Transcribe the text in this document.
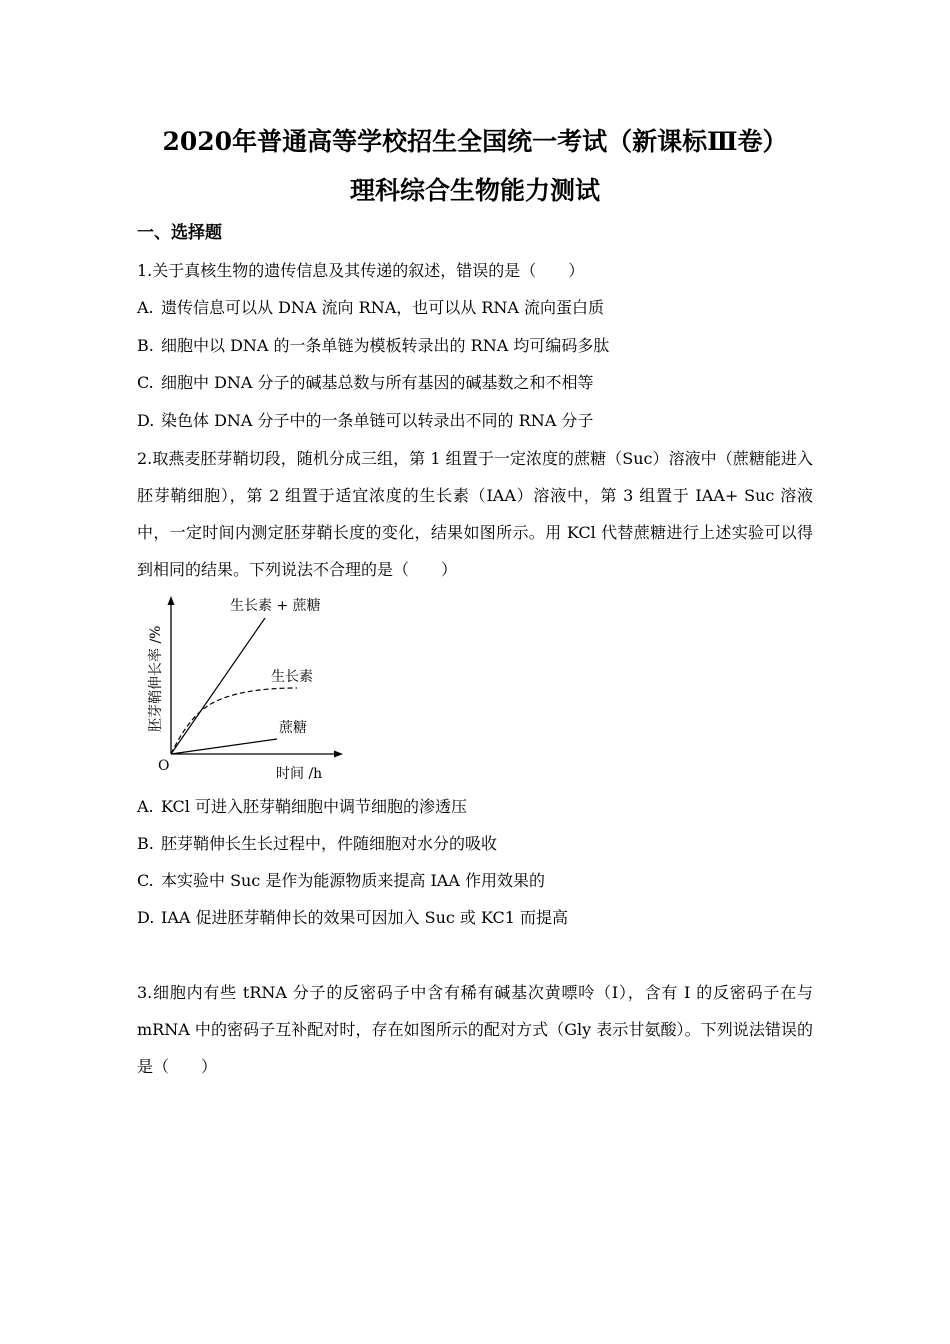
2020年普通高等学校招生全国统一考试（新课标Ⅲ卷）
理科综合生物能力测试
一、选择题
1.关于真核生物的遗传信息及其传递的叙述，错误的是（　　）
A. 遗传信息可以从 DNA 流向 RNA，也可以从 RNA 流向蛋白质
B. 细胞中以 DNA 的一条单链为模板转录出的 RNA 均可编码多肽
C. 细胞中 DNA 分子的碱基总数与所有基因的碱基数之和不相等
D. 染色体 DNA 分子中的一条单链可以转录出不同的 RNA 分子
2.取燕麦胚芽鞘切段，随机分成三组，第 1 组置于一定浓度的蔗糖（Suc）溶液中（蔗糖能进入胚芽鞘细胞），第 2 组置于适宜浓度的生长素（IAA）溶液中，第 3 组置于 IAA+ Suc 溶液中，一定时间内测定胚芽鞘长度的变化，结果如图所示。用 KCl 代替蔗糖进行上述实验可以得到相同的结果。下列说法不合理的是（　　）
生长素 + 蔗糖
生长素
蔗糖
O	时间 /h
胚芽鞘伸长率 /%
A. KCl 可进入胚芽鞘细胞中调节细胞的渗透压
B. 胚芽鞘伸长生长过程中，件随细胞对水分的吸收
C. 本实验中 Suc 是作为能源物质来提高 IAA 作用效果的
D. IAA 促进胚芽鞘伸长的效果可因加入 Suc 或 KC1 而提高
3.细胞内有些 tRNA 分子的反密码子中含有稀有碱基次黄嘌呤（I），含有 I 的反密码子在与 mRNA 中的密码子互补配对时，存在如图所示的配对方式（Gly 表示甘氨酸）。下列说法错误的是（　　）
